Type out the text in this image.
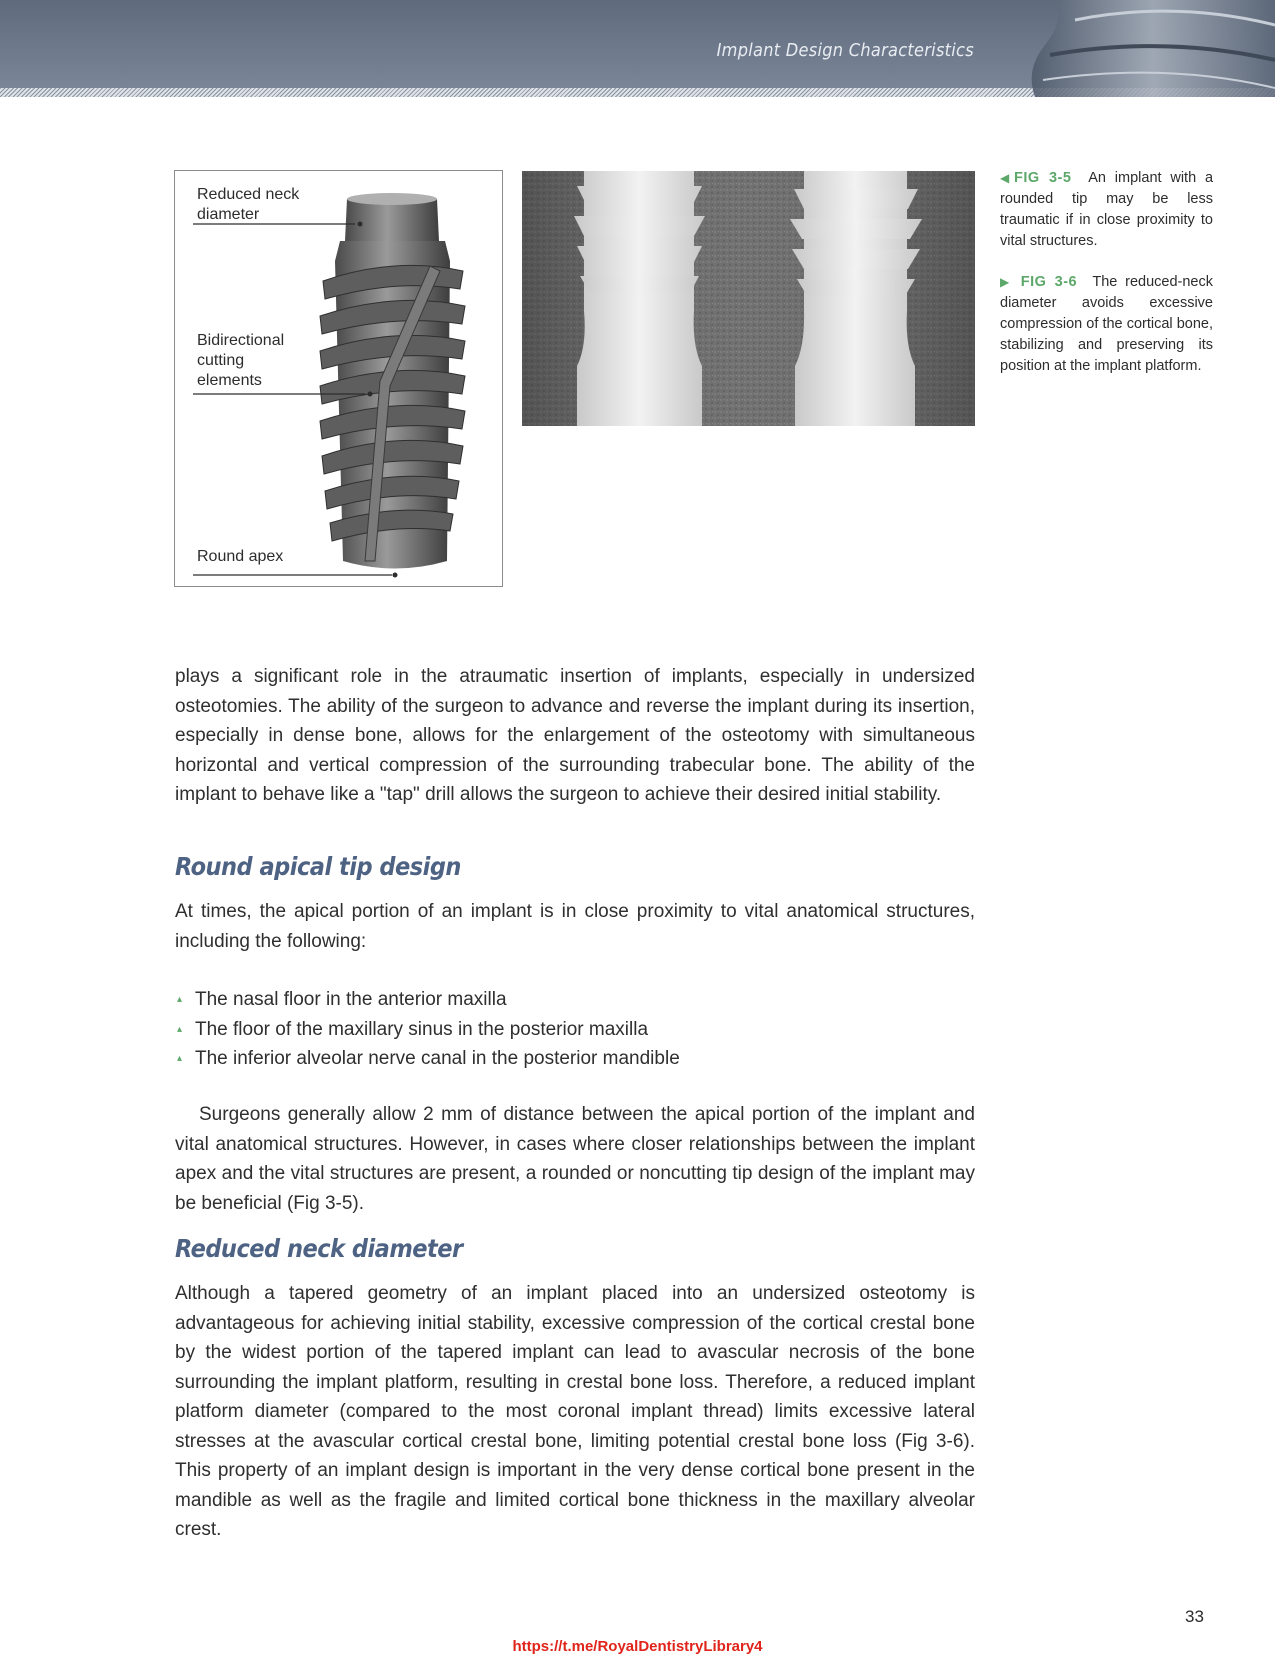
Implant Design Characteristics
Reduced neck diameter
Bidirectional cutting elements
Round apex
◀FIG 3-5 An implant with a rounded tip may be less traumatic if in close proximity to vital structures.
▶ FIG 3-6 The reduced-neck diameter avoids excessive compression of the cortical bone, stabilizing and preserving its position at the implant platform.

plays a significant role in the atraumatic insertion of implants, especially in undersized osteotomies. The ability of the surgeon to advance and reverse the implant during its insertion, especially in dense bone, allows for the enlargement of the osteotomy with simultaneous horizontal and vertical compression of the surrounding trabecular bone. The ability of the implant to behave like a "tap" drill allows the surgeon to achieve their desired initial stability.

Round apical tip design

At times, the apical portion of an implant is in close proximity to vital anatomical structures, including the following:

▴ The nasal floor in the anterior maxilla
▴ The floor of the maxillary sinus in the posterior maxilla
▴ The inferior alveolar nerve canal in the posterior mandible

Surgeons generally allow 2 mm of distance between the apical portion of the implant and vital anatomical structures. However, in cases where closer relationships between the implant apex and the vital structures are present, a rounded or noncutting tip design of the implant may be beneficial (Fig 3-5).

Reduced neck diameter

Although a tapered geometry of an implant placed into an undersized osteotomy is advantageous for achieving initial stability, excessive compression of the cortical crestal bone by the widest portion of the tapered implant can lead to avascular necrosis of the bone surrounding the implant platform, resulting in crestal bone loss. Therefore, a reduced implant platform diameter (compared to the most coronal implant thread) limits excessive lateral stresses at the avascular cortical crestal bone, limiting potential crestal bone loss (Fig 3-6). This property of an implant design is important in the very dense cortical bone present in the mandible as well as the fragile and limited cortical bone thickness in the maxillary alveolar crest.

33
https://t.me/RoyalDentistryLibrary4
